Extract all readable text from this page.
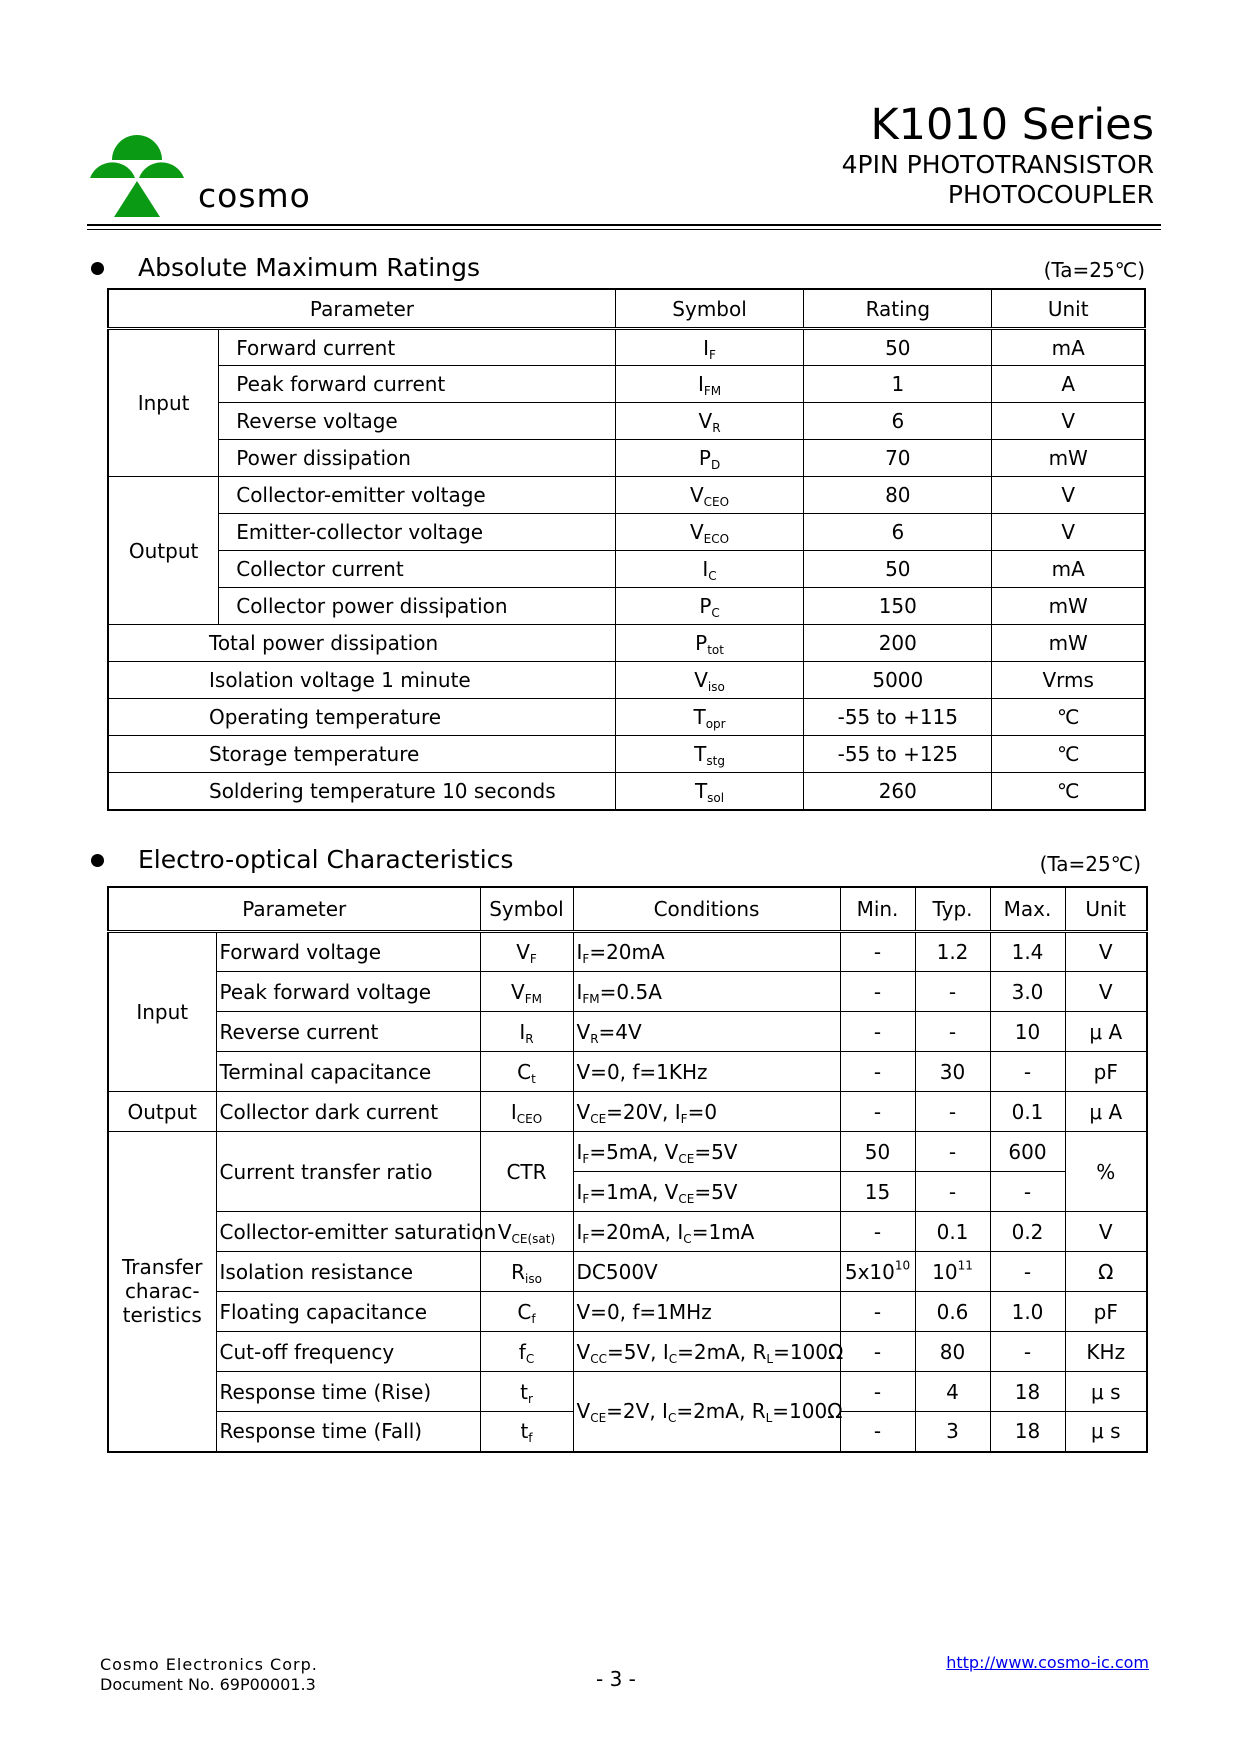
cosmo
K1010 Series
4PIN PHOTOTRANSISTOR
PHOTOCOUPLER
Absolute Maximum Ratings	(Ta=25℃)
Parameter		Symbol	Rating	Unit
Input	Forward current	$I_F$	50	mA
	Peak forward current	$I_{FM}$	1	A
	Reverse voltage	$V_R$	6	V
	Power dissipation	$P_D$	70	mW
Output	Collector-emitter voltage	$V_{CEO}$	80	V
	Emitter-collector voltage	$V_{ECO}$	6	V
	Collector current	$I_C$	50	mA
	Collector power dissipation	$P_C$	150	mW
Total power dissipation		$P_{tot}$	200	mW
Isolation voltage 1 minute		$V_{iso}$	5000	Vrms
Operating temperature		$T_{opr}$	-55 to +115	℃
Storage temperature		$T_{stg}$	-55 to +125	℃
Soldering temperature 10 seconds		$T_{sol}$	260	℃
Electro-optical Characteristics	(Ta=25℃)
Parameter		Symbol	Conditions	Min.	Typ.	Max.	Unit
Input	Forward voltage	$V_F$	$I_F=20mA$	-	1.2	1.4	V
	Peak forward voltage	$V_{FM}$	$I_{FM}=0.5A$	-	-	3.0	V
	Reverse current	$I_R$	$V_R=4V$	-	-	10	μ A
	Terminal capacitance	$C_t$	V=0, f=1KHz	-	30	-	pF
Output	Collector dark current	$I_{CEO}$	$V_{CE}=20V$, $I_F=0$	-	-	0.1	μ A
Transfer charac- teristics	Current transfer ratio	CTR	$I_F=5mA$, $V_{CE}=5V$	50	-	600	%
			$I_F=1mA$, $V_{CE}=5V$	15	-	-	
	Collector-emitter saturation	$V_{CE(sat)}$	$I_F=20mA$, $I_C=1mA$	-	0.1	0.2	V
	Isolation resistance	$R_{iso}$	DC500V	$5x10^{10}$	$10^{11}$	-	Ω
	Floating capacitance	$C_f$	V=0, f=1MHz	-	0.6	1.0	pF
	Cut-off frequency	$f_C$	$V_{CC}=5V$, $I_C=2mA$, $R_L=100\Omega$	-	80	-	KHz
	Response time (Rise)	$t_r$	$V_{CE}=2V$, $I_C=2mA$, $R_L=100\Omega$	-	4	18	μ s
	Response time (Fall)	$t_f$		-	3	18	μ s
Cosmo Electronics Corp.
Document No. 69P00001.3	- 3 -
http://www.cosmo-ic.com
